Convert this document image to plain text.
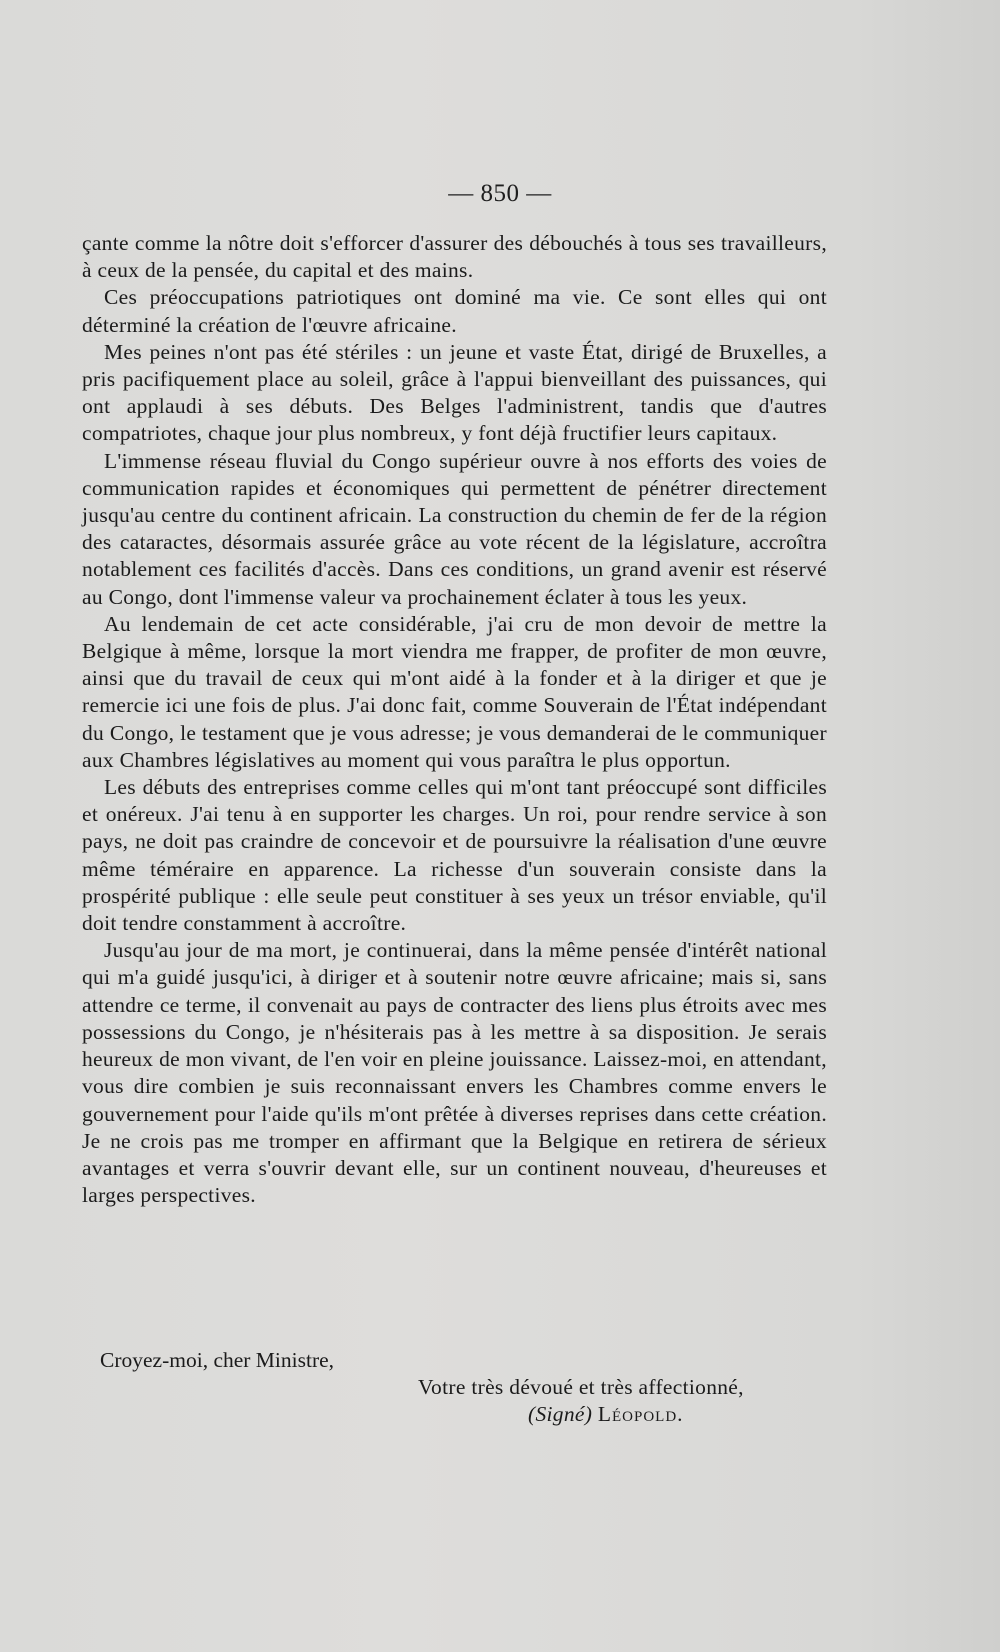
— 850 —

çante comme la nôtre doit s'efforcer d'assurer des débouchés à tous ses travailleurs, à ceux de la pensée, du capital et des mains.

Ces préoccupations patriotiques ont dominé ma vie. Ce sont elles qui ont déterminé la création de l'œuvre africaine.

Mes peines n'ont pas été stériles : un jeune et vaste État, dirigé de Bruxelles, a pris pacifiquement place au soleil, grâce à l'appui bienveillant des puissances, qui ont applaudi à ses débuts. Des Belges l'administrent, tandis que d'autres compatriotes, chaque jour plus nombreux, y font déjà fructifier leurs capitaux.

L'immense réseau fluvial du Congo supérieur ouvre à nos efforts des voies de communication rapides et économiques qui permettent de pénétrer directement jusqu'au centre du continent africain. La construction du chemin de fer de la région des cataractes, désormais assurée grâce au vote récent de la législature, accroîtra notablement ces facilités d'accès. Dans ces conditions, un grand avenir est réservé au Congo, dont l'immense valeur va prochainement éclater à tous les yeux.

Au lendemain de cet acte considérable, j'ai cru de mon devoir de mettre la Belgique à même, lorsque la mort viendra me frapper, de profiter de mon œuvre, ainsi que du travail de ceux qui m'ont aidé à la fonder et à la diriger et que je remercie ici une fois de plus. J'ai donc fait, comme Souverain de l'État indépendant du Congo, le testament que je vous adresse; je vous demanderai de le communiquer aux Chambres législatives au moment qui vous paraîtra le plus opportun.

Les débuts des entreprises comme celles qui m'ont tant préoccupé sont difficiles et onéreux. J'ai tenu à en supporter les charges. Un roi, pour rendre service à son pays, ne doit pas craindre de concevoir et de poursuivre la réalisation d'une œuvre même téméraire en apparence. La richesse d'un souverain consiste dans la prospérité publique : elle seule peut constituer à ses yeux un trésor enviable, qu'il doit tendre constamment à accroître.

Jusqu'au jour de ma mort, je continuerai, dans la même pensée d'intérêt national qui m'a guidé jusqu'ici, à diriger et à soutenir notre œuvre africaine; mais si, sans attendre ce terme, il convenait au pays de contracter des liens plus étroits avec mes possessions du Congo, je n'hésiterais pas à les mettre à sa disposition. Je serais heureux de mon vivant, de l'en voir en pleine jouissance. Laissez-moi, en attendant, vous dire combien je suis reconnaissant envers les Chambres comme envers le gouvernement pour l'aide qu'ils m'ont prêtée à diverses reprises dans cette création. Je ne crois pas me tromper en affirmant que la Belgique en retirera de sérieux avantages et verra s'ouvrir devant elle, sur un continent nouveau, d'heureuses et larges perspectives.

Croyez-moi, cher Ministre,
Votre très dévoué et très affectionné,
(Signé) Léopold.
